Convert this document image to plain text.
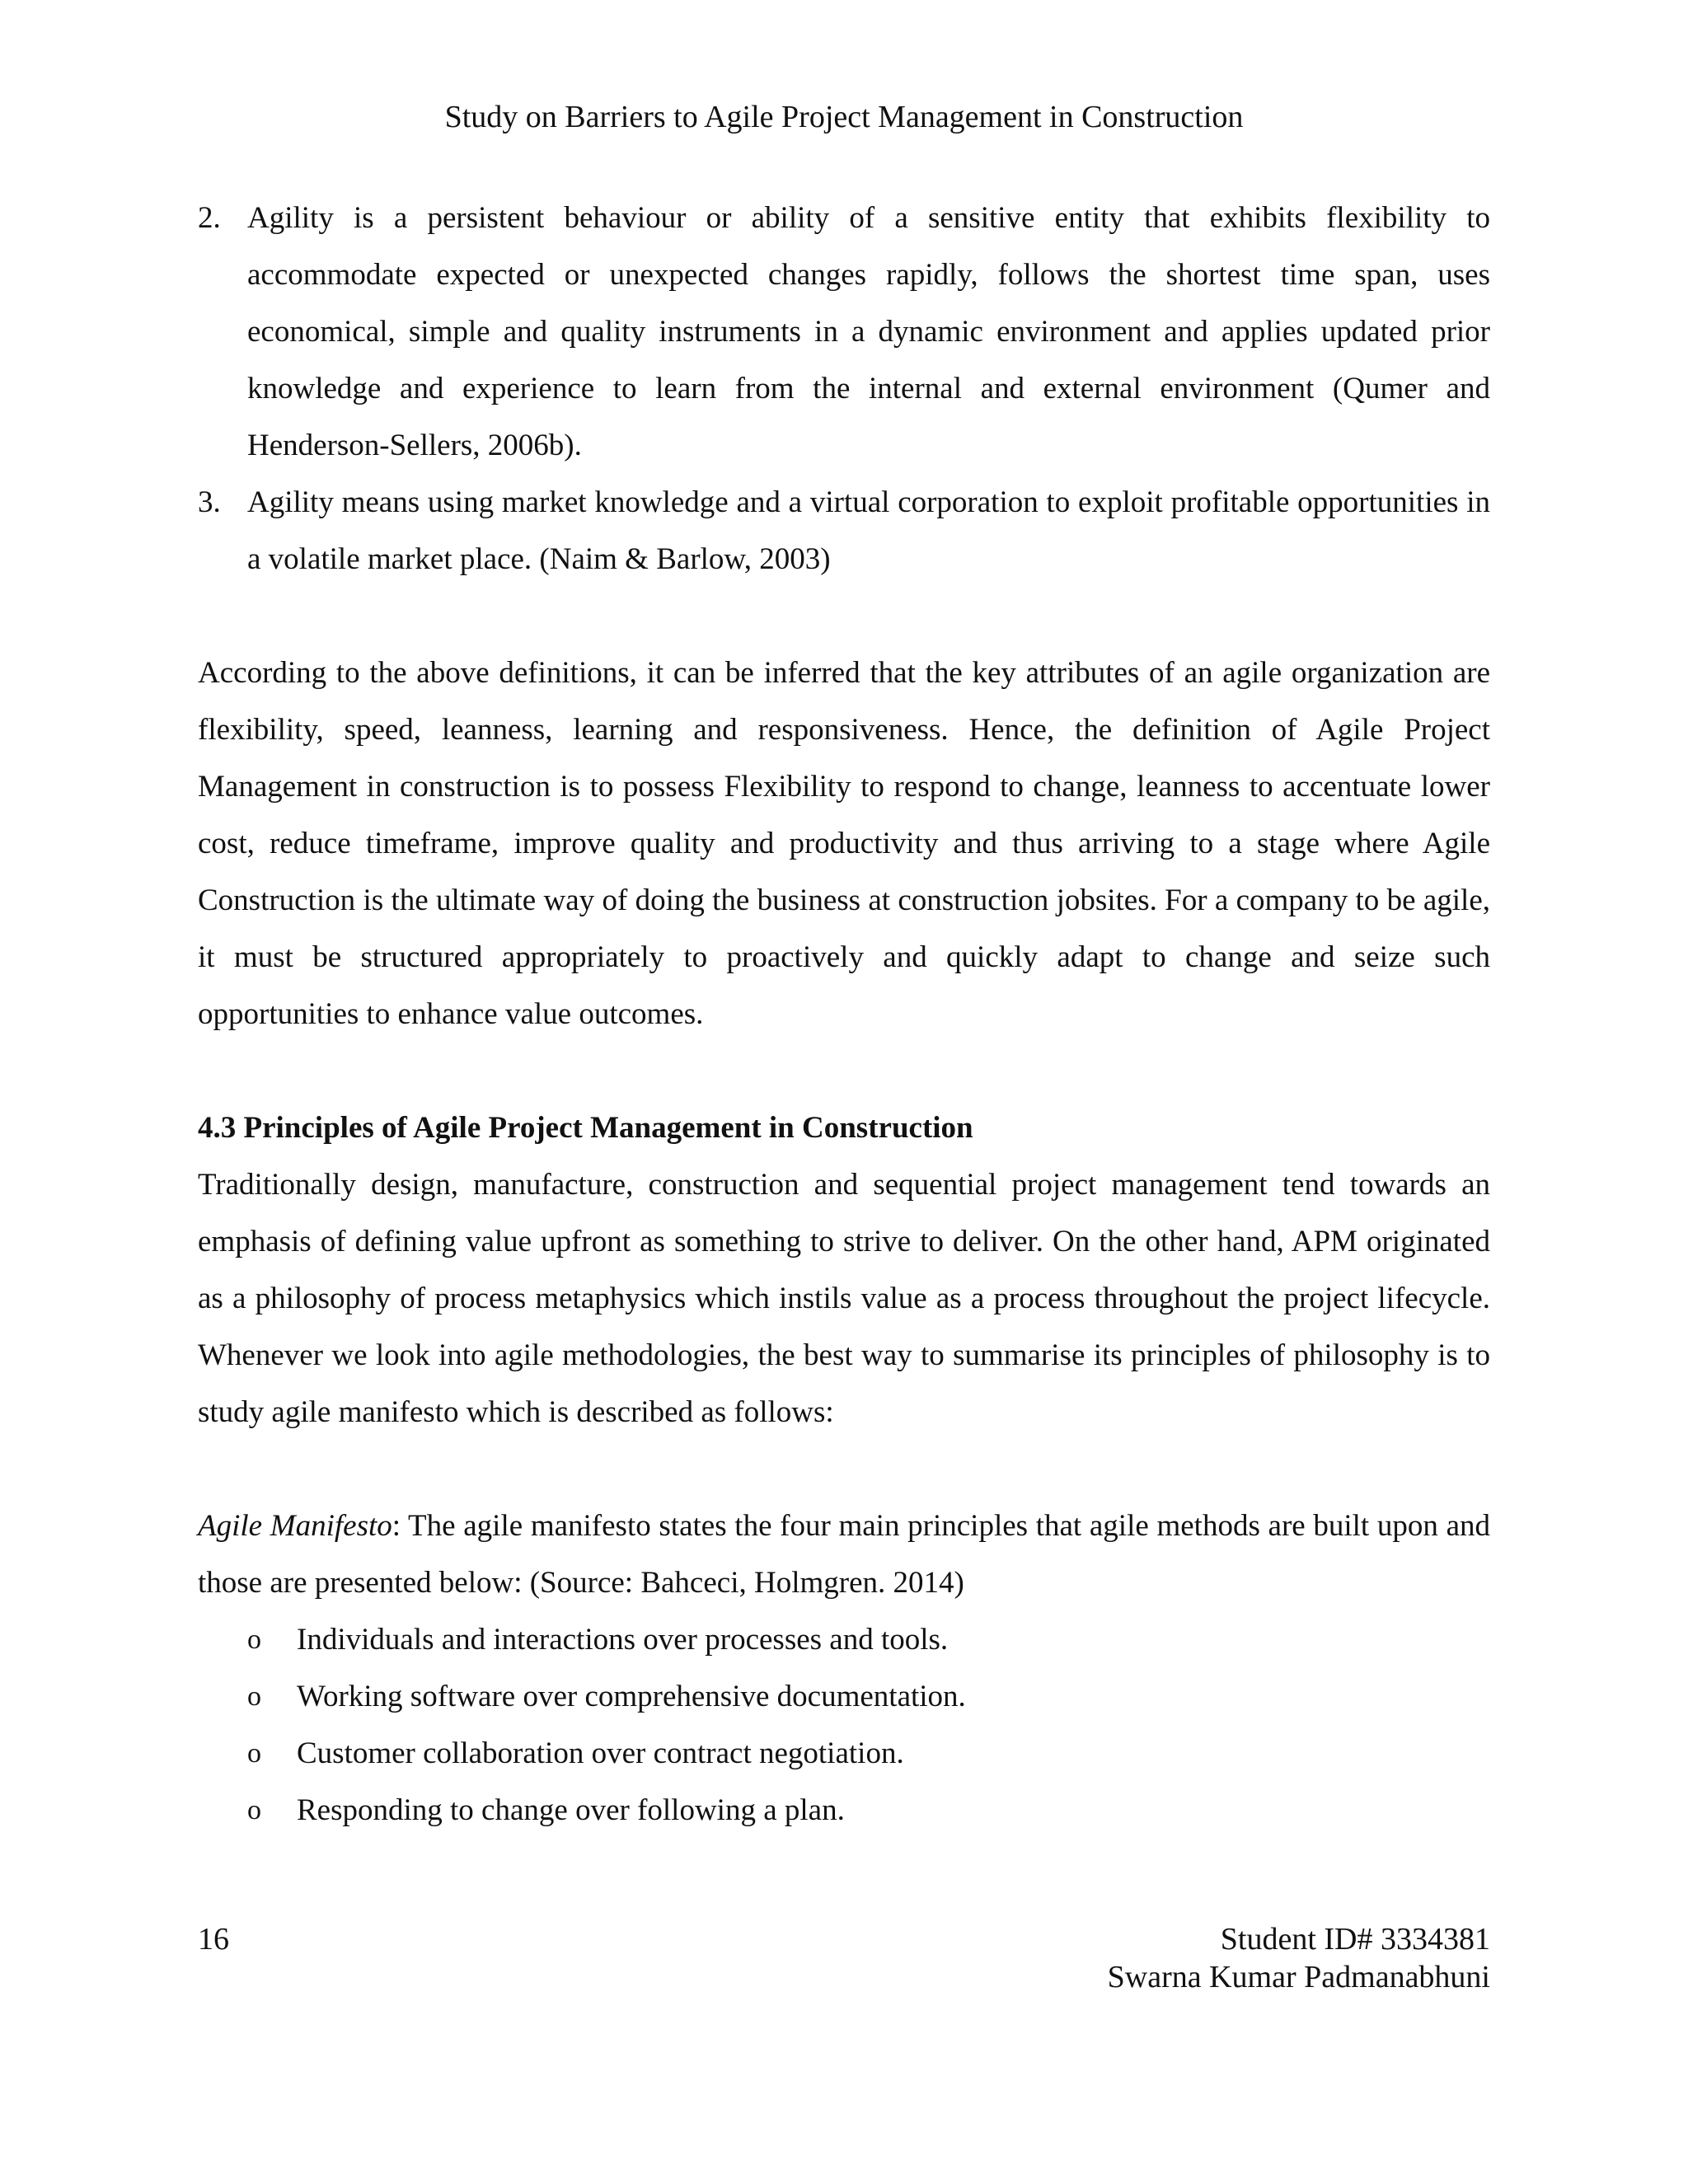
Study on Barriers to Agile Project Management in Construction
2. Agility is a persistent behaviour or ability of a sensitive entity that exhibits flexibility to accommodate expected or unexpected changes rapidly, follows the shortest time span, uses economical, simple and quality instruments in a dynamic environment and applies updated prior knowledge and experience to learn from the internal and external environment (Qumer and Henderson-Sellers, 2006b).
3. Agility means using market knowledge and a virtual corporation to exploit profitable opportunities in a volatile market place. (Naim & Barlow, 2003)

According to the above definitions, it can be inferred that the key attributes of an agile organization are flexibility, speed, leanness, learning and responsiveness. Hence, the definition of Agile Project Management in construction is to possess Flexibility to respond to change, leanness to accentuate lower cost, reduce timeframe, improve quality and productivity and thus arriving to a stage where Agile Construction is the ultimate way of doing the business at construction jobsites. For a company to be agile, it must be structured appropriately to proactively and quickly adapt to change and seize such opportunities to enhance value outcomes.

4.3 Principles of Agile Project Management in Construction

Traditionally design, manufacture, construction and sequential project management tend towards an emphasis of defining value upfront as something to strive to deliver. On the other hand, APM originated as a philosophy of process metaphysics which instils value as a process throughout the project lifecycle. Whenever we look into agile methodologies, the best way to summarise its principles of philosophy is to study agile manifesto which is described as follows:

Agile Manifesto: The agile manifesto states the four main principles that agile methods are built upon and those are presented below: (Source: Bahceci, Holmgren. 2014)

o Individuals and interactions over processes and tools.
o Working software over comprehensive documentation.
o Customer collaboration over contract negotiation.
o Responding to change over following a plan.
16	Student ID# 3334381
Swarna Kumar Padmanabhuni
